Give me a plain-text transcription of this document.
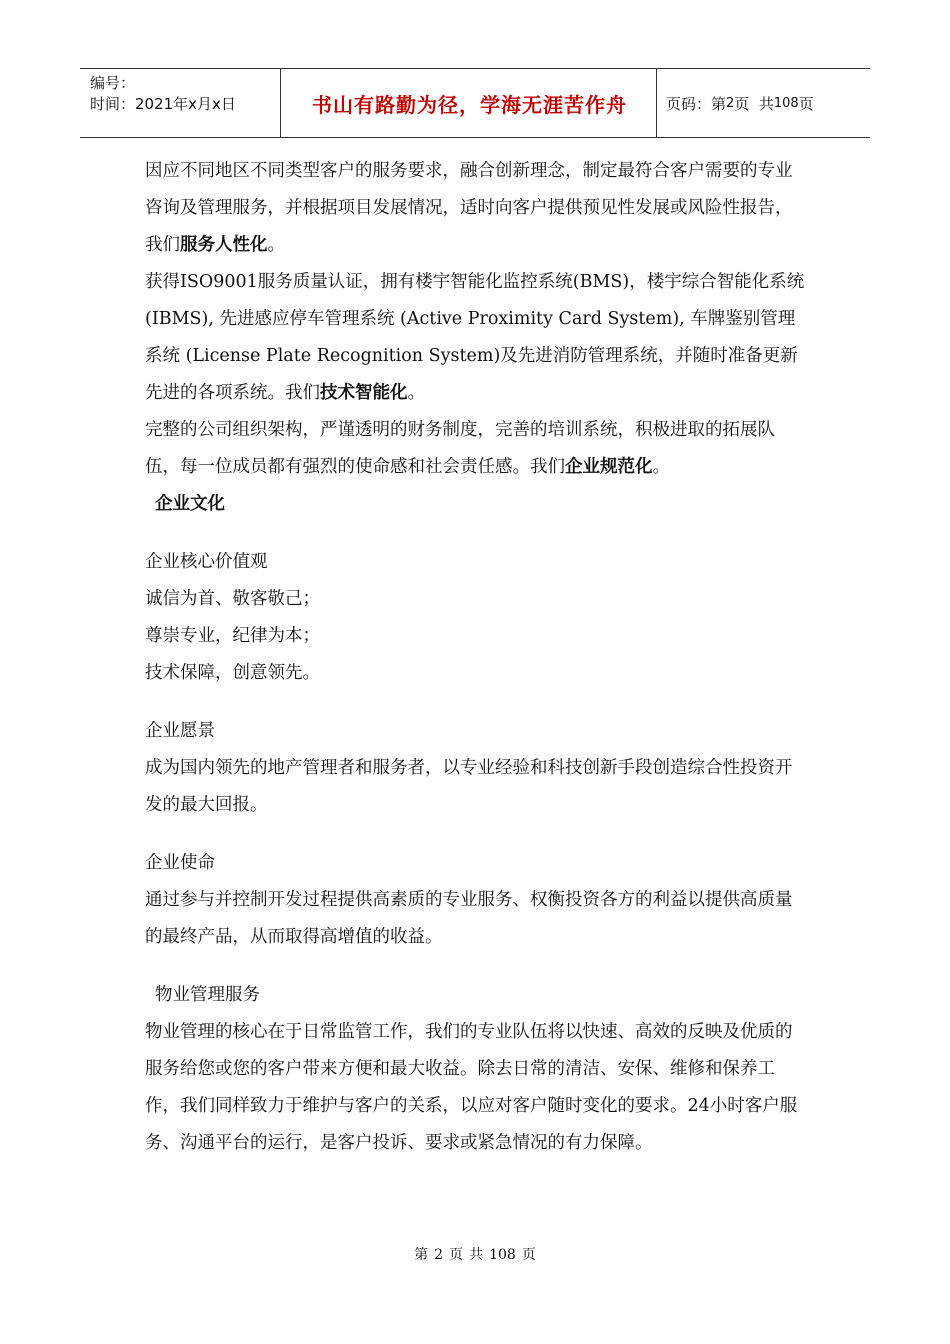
编号：
时间：2021年x月x日	书山有路勤为径，学海无涯苦作舟	页码：第 2 页  共 108 页

因应不同地区不同类型客户的服务要求，融合创新理念，制定最符合客户需要的专业咨询及管理服务，并根据项目发展情况，适时向客户提供预见性发展或风险性报告，我们服务人性化。

获得ISO9001服务质量认证，拥有楼宇智能化监控系统(BMS)，楼宇综合智能化系统 (IBMS), 先进感应停车管理系统 (Active Proximity Card System), 车牌鉴别管理系统 (License Plate Recognition System)及先进消防管理系统，并随时准备更新先进的各项系统。我们技术智能化。

完整的公司组织架构，严谨透明的财务制度，完善的培训系统，积极进取的拓展队伍，每一位成员都有强烈的使命感和社会责任感。我们企业规范化。

企业文化

企业核心价值观

诚信为首、敬客敬己；

尊崇专业，纪律为本；

技术保障，创意领先。

企业愿景

成为国内领先的地产管理者和服务者，以专业经验和科技创新手段创造综合性投资开发的最大回报。

企业使命

通过参与并控制开发过程提供高素质的专业服务、权衡投资各方的利益以提供高质量的最终产品，从而取得高增值的收益。

物业管理服务

物业管理的核心在于日常监管工作，我们的专业队伍将以快速、高效的反映及优质的服务给您或您的客户带来方便和最大收益。除去日常的清洁、安保、维修和保养工作，我们同样致力于维护与客户的关系，以应对客户随时变化的要求。24小时客户服务、沟通平台的运行，是客户投诉、要求或紧急情况的有力保障。

第 2 页 共 108 页
